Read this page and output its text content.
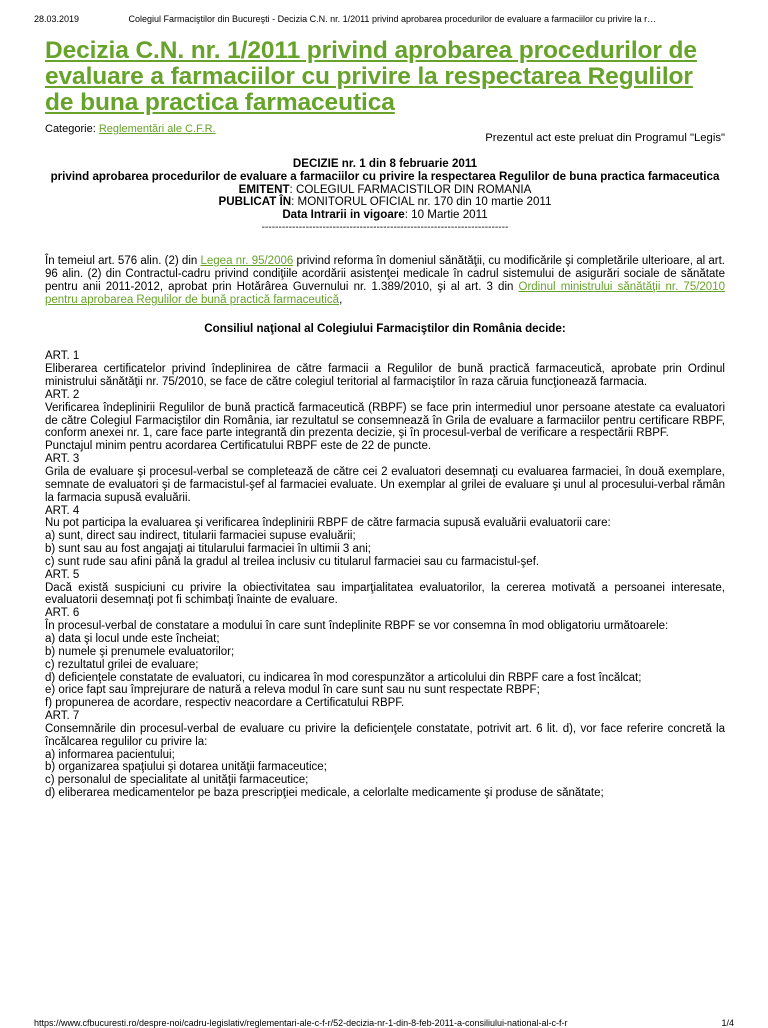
28.03.2019	Colegiul Farmaciştilor din Bucureşti - Decizia C.N. nr. 1/2011 privind aprobarea procedurilor de evaluare a farmaciilor cu privire la r…
Decizia C.N. nr. 1/2011 privind aprobarea procedurilor de evaluare a farmaciilor cu privire la respectarea Regulilor de buna practica farmaceutica
Categorie: Reglementări ale C.F.R.
Prezentul act este preluat din Programul "Legis"
DECIZIE nr. 1 din 8 februarie 2011
privind aprobarea procedurilor de evaluare a farmaciilor cu privire la respectarea Regulilor de buna practica farmaceutica
EMITENT: COLEGIUL FARMACISTILOR DIN ROMANIA
PUBLICAT ÎN: MONITORUL OFICIAL nr. 170 din 10 martie 2011
Data Intrarii in vigoare: 10 Martie 2011
-------------------------------------------------------------------------

În temeiul art. 576 alin. (2) din Legea nr. 95/2006 privind reforma în domeniul sănătăţii, cu modificările şi completările ulterioare, al art. 96 alin. (2) din Contractul-cadru privind condiţiile acordării asistenţei medicale în cadrul sistemului de asigurări sociale de sănătate pentru anii 2011-2012, aprobat prin Hotărârea Guvernului nr. 1.389/2010, şi al art. 3 din Ordinul ministrului sănătăţii nr. 75/2010 pentru aprobarea Regulilor de bună practică farmaceutică,

Consiliul naţional al Colegiului Farmaciştilor din România decide:
ART. 1
Eliberarea certificatelor privind îndeplinirea de către farmacii a Regulilor de bună practică farmaceutică, aprobate prin Ordinul ministrului sănătăţii nr. 75/2010, se face de către colegiul teritorial al farmaciştilor în raza căruia funcţionează farmacia.
ART. 2
Verificarea îndeplinirii Regulilor de bună practică farmaceutică (RBPF) se face prin intermediul unor persoane atestate ca evaluatori de către Colegiul Farmaciştilor din România, iar rezultatul se consemnează în Grila de evaluare a farmaciilor pentru certificare RBPF, conform anexei nr. 1, care face parte integrantă din prezenta decizie, şi în procesul-verbal de verificare a respectării RBPF.
Punctajul minim pentru acordarea Certificatului RBPF este de 22 de puncte.
ART. 3
Grila de evaluare şi procesul-verbal se completează de către cei 2 evaluatori desemnaţi cu evaluarea farmaciei, în două exemplare, semnate de evaluatori şi de farmacistul-şef al farmaciei evaluate. Un exemplar al grilei de evaluare şi unul al procesului-verbal rămân la farmacia supusă evaluării.
ART. 4
Nu pot participa la evaluarea şi verificarea îndeplinirii RBPF de către farmacia supusă evaluării evaluatorii care:
a) sunt, direct sau indirect, titularii farmaciei supuse evaluării;
b) sunt sau au fost angajaţi ai titularului farmaciei în ultimii 3 ani;
c) sunt rude sau afini până la gradul al treilea inclusiv cu titularul farmaciei sau cu farmacistul-şef.
ART. 5
Dacă există suspiciuni cu privire la obiectivitatea sau imparţialitatea evaluatorilor, la cererea motivată a persoanei interesate, evaluatorii desemnaţi pot fi schimbaţi înainte de evaluare.
ART. 6
În procesul-verbal de constatare a modului în care sunt îndeplinite RBPF se vor consemna în mod obligatoriu următoarele:
a) data şi locul unde este încheiat;
b) numele şi prenumele evaluatorilor;
c) rezultatul grilei de evaluare;
d) deficienţele constatate de evaluatori, cu indicarea în mod corespunzător a articolului din RBPF care a fost încălcat;
e) orice fapt sau împrejurare de natură a releva modul în care sunt sau nu sunt respectate RBPF;
f) propunerea de acordare, respectiv neacordare a Certificatului RBPF.
ART. 7
Consemnările din procesul-verbal de evaluare cu privire la deficienţele constatate, potrivit art. 6 lit. d), vor face referire concretă la încălcarea regulilor cu privire la:
a) informarea pacientului;
b) organizarea spaţiului şi dotarea unităţii farmaceutice;
c) personalul de specialitate al unităţii farmaceutice;
d) eliberarea medicamentelor pe baza prescripţiei medicale, a celorlalte medicamente şi produse de sănătate;
https://www.cfbucuresti.ro/despre-noi/cadru-legislativ/reglementari-ale-c-f-r/52-decizia-nr-1-din-8-feb-2011-a-consiliului-national-al-c-f-r	1/4
